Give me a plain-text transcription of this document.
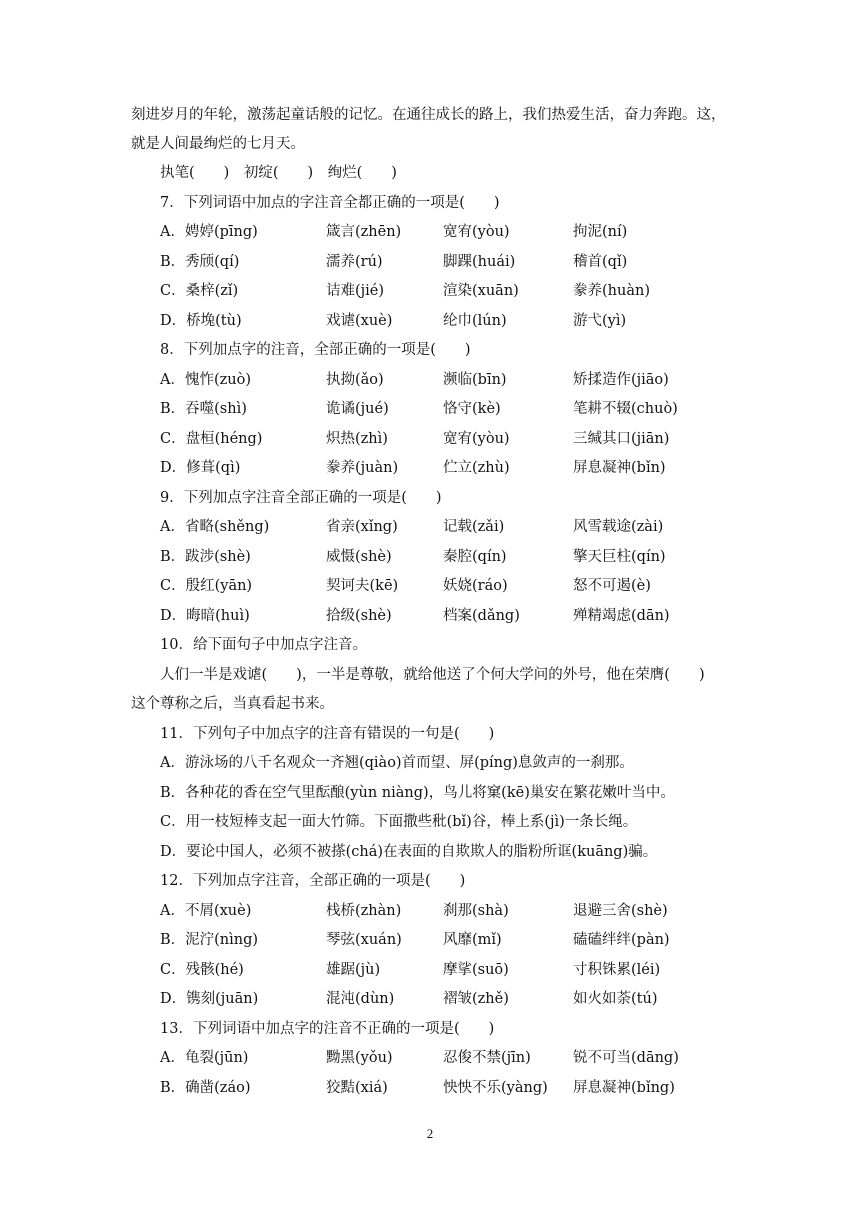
刻进岁月的年轮，激荡起童话般的记忆。在通往成长的路上，我们热爱生活，奋力奔跑。这，
就是人间最绚烂的七月天。
执笔(　　)　初绽(　　)　绚烂(　　)
7．下列词语中加点的字注音全都正确的一项是(　　)
A．娉婷(pīng)	箴言(zhēn)	宽宥(yòu)	拘泥(ní)
B．秀颀(qí)	濡养(rú)	脚踝(huái)	稽首(qǐ)
C．桑梓(zǐ)	诘难(jié)	渲染(xuān)	豢养(huàn)
D．桥堍(tù)	戏谑(xuè)	纶巾(lún)	游弋(yì)
8．下列加点字的注音，全部正确的一项是(　　)
A．愧怍(zuò)	执拗(ǎo)	濒临(bīn)	矫揉造作(jiāo)
B．吞噬(shì)	诡谲(jué)	恪守(kè)	笔耕不辍(chuò)
C．盘桓(héng)	炽热(zhì)	宽宥(yòu)	三缄其口(jiān)
D．修葺(qì)	豢养(juàn)	伫立(zhù)	屏息凝神(bǐn)
9．下列加点字注音全部正确的一项是(　　)
A．省略(shěng)	省亲(xǐng)	记载(zǎi)	风雪载途(zài)
B．跋涉(shè)	威慑(shè)	秦腔(qín)	擎天巨柱(qín)
C．殷红(yān)	契诃夫(kē)	妖娆(ráo)	怒不可遏(è)
D．晦暗(huì)	拾级(shè)	档案(dǎng)	殚精竭虑(dān)
10．给下面句子中加点字注音。
人们一半是戏谑(　　)，一半是尊敬，就给他送了个何大学问的外号，他在荣膺(　　)
这个尊称之后，当真看起书来。
11．下列句子中加点字的注音有错误的一句是(　　)
A．游泳场的八千名观众一齐翘(qiào)首而望、屏(píng)息敛声的一刹那。
B．各种花的香在空气里酝酿(yùn niàng)，鸟儿将窠(kē)巢安在繁花嫩叶当中。
C．用一枝短棒支起一面大竹筛。下面撒些秕(bǐ)谷，棒上系(jì)一条长绳。
D．要论中国人，必须不被搽(chá)在表面的自欺欺人的脂粉所诓(kuāng)骗。
12．下列加点字注音，全部正确的一项是(　　)
A．不屑(xuè)	栈桥(zhàn)	刹那(shà)	退避三舍(shè)
B．泥泞(nìng)	琴弦(xuán)	风靡(mǐ)	磕磕绊绊(pàn)
C．残骸(hé)	雄踞(jù)	摩挲(suō)	寸积铢累(léi)
D．镌刻(juān)	混沌(dùn)	褶皱(zhě)	如火如荼(tú)
13．下列词语中加点字的注音不正确的一项是(　　)
A．龟裂(jūn)	黝黑(yǒu)	忍俊不禁(jīn)	锐不可当(dāng)
B．确凿(záo)	狡黠(xiá)	怏怏不乐(yàng) 屏息凝神(bǐng)
2
